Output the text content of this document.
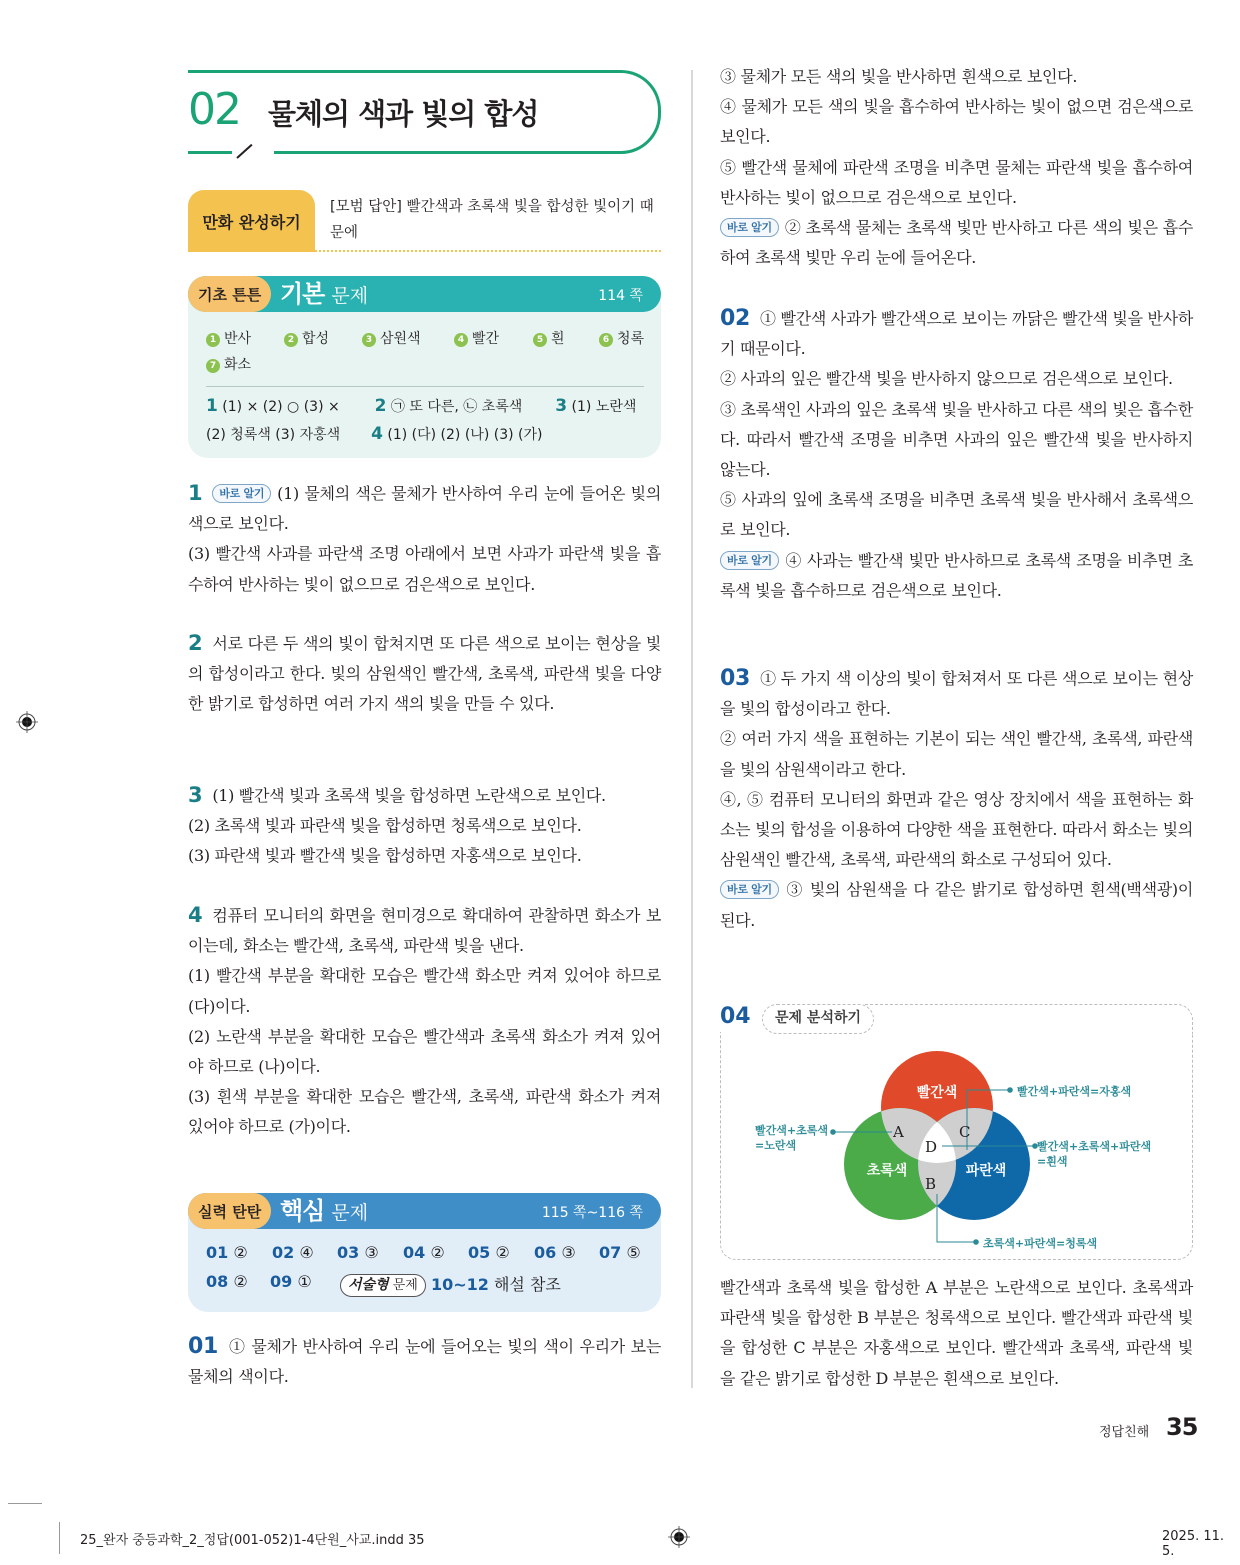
02 물체의 색과 빛의 합성
만화 완성하기
[모범 답안] 빨간색과 초록색 빛을 합성한 빛이기 때문에
기초 튼튼 기본 문제	114 쪽
1 반사	2 합성	3 삼원색	4 빨간	5 흰	6 청록
7 화소
1 (1) × (2) ○ (3) × 2 ㉠ 또 다른, ㉡ 초록색 3 (1) 노란색
(2) 청록색 (3) 자홍색 4 (1) (다) (2) (나) (3) (가)
1 바로 알기 (1) 물체의 색은 물체가 반사하여 우리 눈에 들어온 빛의 색으로 보인다.
(3) 빨간색 사과를 파란색 조명 아래에서 보면 사과가 파란색 빛을 흡수하여 반사하는 빛이 없으므로 검은색으로 보인다.
2 서로 다른 두 색의 빛이 합쳐지면 또 다른 색으로 보이는 현상을 빛의 합성이라고 한다. 빛의 삼원색인 빨간색, 초록색, 파란색 빛을 다양한 밝기로 합성하면 여러 가지 색의 빛을 만들 수 있다.
3 (1) 빨간색 빛과 초록색 빛을 합성하면 노란색으로 보인다.
(2) 초록색 빛과 파란색 빛을 합성하면 청록색으로 보인다.
(3) 파란색 빛과 빨간색 빛을 합성하면 자홍색으로 보인다.
4 컴퓨터 모니터의 화면을 현미경으로 확대하여 관찰하면 화소가 보이는데, 화소는 빨간색, 초록색, 파란색 빛을 낸다.
(1) 빨간색 부분을 확대한 모습은 빨간색 화소만 켜져 있어야 하므로 (다)이다.
(2) 노란색 부분을 확대한 모습은 빨간색과 초록색 화소가 켜져 있어야 하므로 (나)이다.
(3) 흰색 부분을 확대한 모습은 빨간색, 초록색, 파란색 화소가 켜져 있어야 하므로 (가)이다.
실력 탄탄 핵심 문제	115 쪽~116 쪽
01 ② 02 ④ 03 ③ 04 ② 05 ② 06 ③ 07 ⑤
08 ② 09 ①	서술형 문제 10~12 해설 참조
01 ① 물체가 반사하여 우리 눈에 들어오는 빛의 색이 우리가 보는 물체의 색이다.
③ 물체가 모든 색의 빛을 반사하면 흰색으로 보인다.
④ 물체가 모든 색의 빛을 흡수하여 반사하는 빛이 없으면 검은색으로 보인다.
⑤ 빨간색 물체에 파란색 조명을 비추면 물체는 파란색 빛을 흡수하여 반사하는 빛이 없으므로 검은색으로 보인다.
바로 알기 ② 초록색 물체는 초록색 빛만 반사하고 다른 색의 빛은 흡수하여 초록색 빛만 우리 눈에 들어온다.
02 ① 빨간색 사과가 빨간색으로 보이는 까닭은 빨간색 빛을 반사하기 때문이다.
② 사과의 잎은 빨간색 빛을 반사하지 않으므로 검은색으로 보인다.
③ 초록색인 사과의 잎은 초록색 빛을 반사하고 다른 색의 빛은 흡수한다. 따라서 빨간색 조명을 비추면 사과의 잎은 빨간색 빛을 반사하지 않는다.
⑤ 사과의 잎에 초록색 조명을 비추면 초록색 빛을 반사해서 초록색으로 보인다.
바로 알기 ④ 사과는 빨간색 빛만 반사하므로 초록색 조명을 비추면 초록색 빛을 흡수하므로 검은색으로 보인다.
03 ① 두 가지 색 이상의 빛이 합쳐져서 또 다른 색으로 보이는 현상을 빛의 합성이라고 한다.
② 여러 가지 색을 표현하는 기본이 되는 색인 빨간색, 초록색, 파란색을 빛의 삼원색이라고 한다.
④, ⑤ 컴퓨터 모니터의 화면과 같은 영상 장치에서 색을 표현하는 화소는 빛의 합성을 이용하여 다양한 색을 표현한다. 따라서 화소는 빛의 삼원색인 빨간색, 초록색, 파란색의 화소로 구성되어 있다.
바로 알기 ③ 빛의 삼원색을 다 같은 밝기로 합성하면 흰색(백색광)이 된다.
04	문제 분석하기
빨간색
초록색	파란색
A	C
D
B
빨간색+초록색
=노란색
빨간색+파란색=자홍색
빨간색+초록색+파란색
=흰색
초록색+파란색=청록색
빨간색과 초록색 빛을 합성한 A 부분은 노란색으로 보인다. 초록색과 파란색 빛을 합성한 B 부분은 청록색으로 보인다. 빨간색과 파란색 빛을 합성한 C 부분은 자홍색으로 보인다. 빨간색과 초록색, 파란색 빛을 같은 밝기로 합성한 D 부분은 흰색으로 보인다.
정답친해 35
25_완자 중등과학_2_정답(001-052)1-4단원_사교.indd 35	2025. 11. 5.
